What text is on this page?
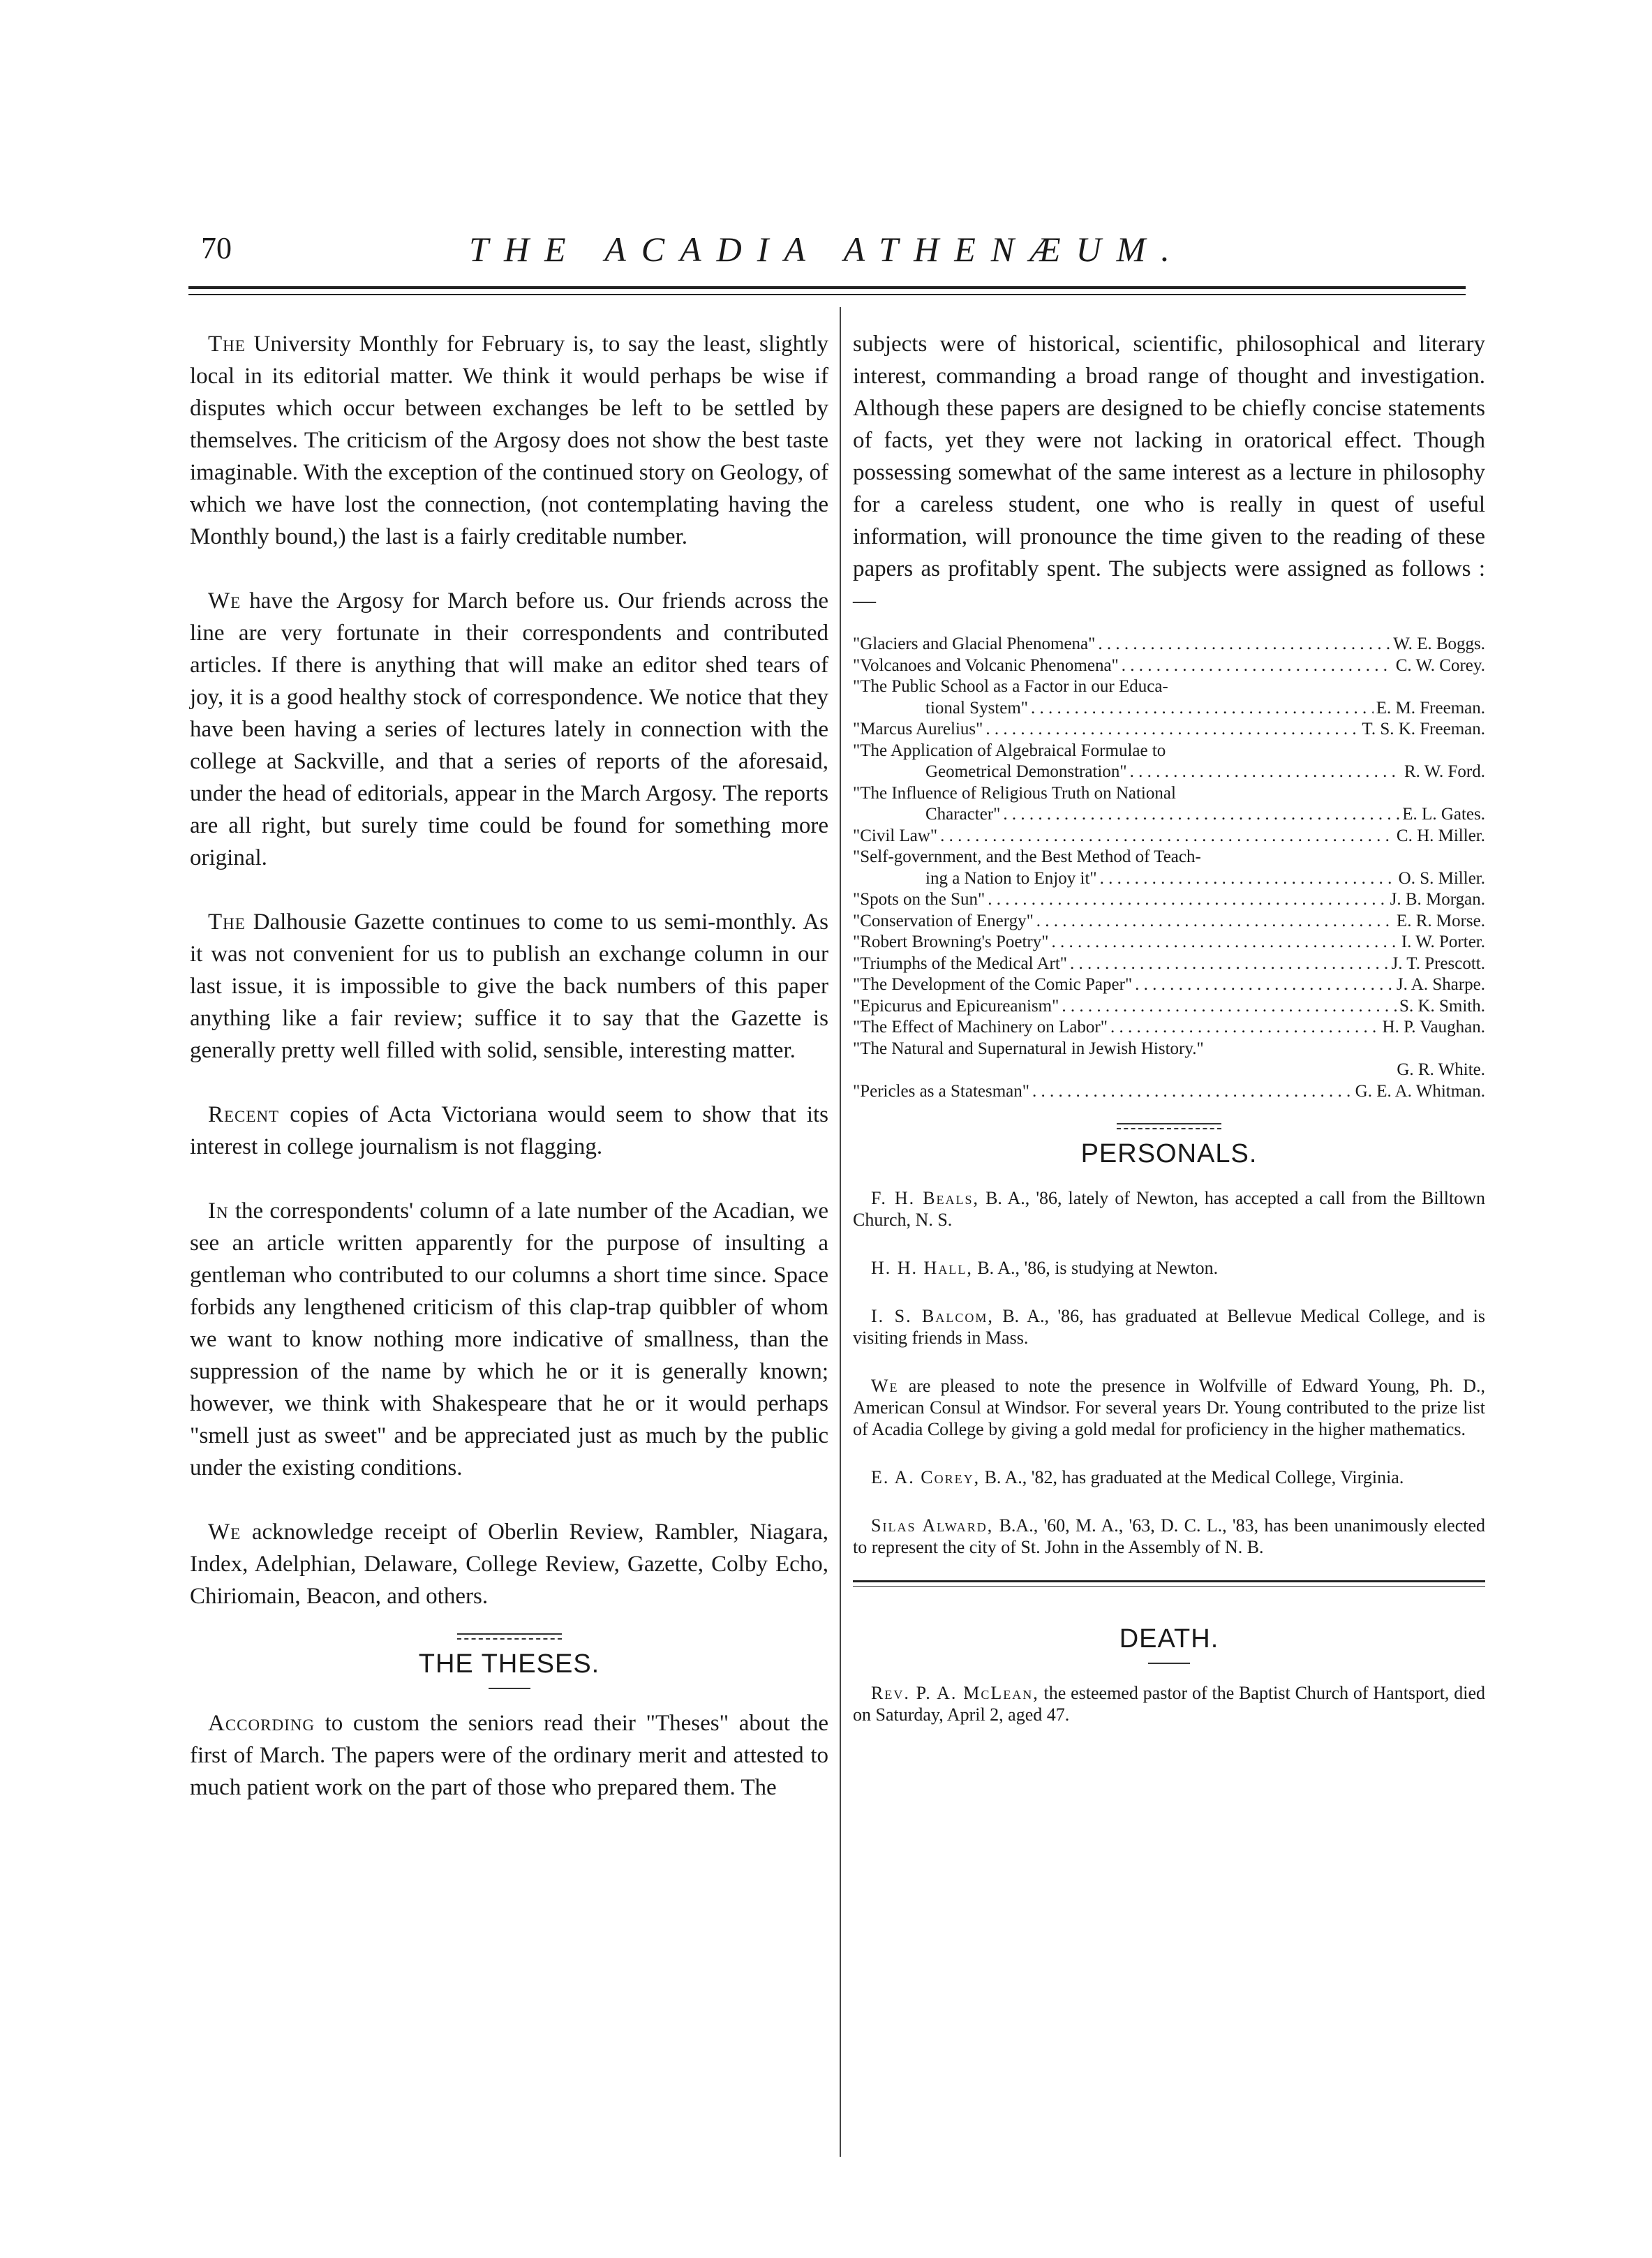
70	THE ACADIA ATHENÆUM.

The University Monthly for February is, to say the least, slightly local in its editorial matter. We think it would perhaps be wise if disputes which occur between exchanges be left to be settled by themselves. The criticism of the Argosy does not show the best taste imaginable. With the exception of the continued story on Geology, of which we have lost the connection, (not contemplating having the Monthly bound,) the last is a fairly creditable number.

We have the Argosy for March before us. Our friends across the line are very fortunate in their correspondents and contributed articles. If there is anything that will make an editor shed tears of joy, it is a good healthy stock of correspondence. We notice that they have been having a series of lectures lately in connection with the college at Sackville, and that a series of reports of the aforesaid, under the head of editorials, appear in the March Argosy. The reports are all right, but surely time could be found for something more original.

The Dalhousie Gazette continues to come to us semi-monthly. As it was not convenient for us to publish an exchange column in our last issue, it is impossible to give the back numbers of this paper anything like a fair review; suffice it to say that the Gazette is generally pretty well filled with solid, sensible, interesting matter.

Recent copies of Acta Victoriana would seem to show that its interest in college journalism is not flagging.

In the correspondents' column of a late number of the Acadian, we see an article written apparently for the purpose of insulting a gentleman who contributed to our columns a short time since. Space forbids any lengthened criticism of this clap-trap quibbler of whom we want to know nothing more indicative of smallness, than the suppression of the name by which he or it is generally known; however, we think with Shakespeare that he or it would perhaps "smell just as sweet" and be appreciated just as much by the public under the existing conditions.

We acknowledge receipt of Oberlin Review, Rambler, Niagara, Index, Adelphian, Delaware, College Review, Gazette, Colby Echo, Chiriomain, Beacon, and others.

THE THESES.

According to custom the seniors read their "Theses" about the first of March. The papers were of the ordinary merit and attested to much patient work on the part of those who prepared them. The

subjects were of historical, scientific, philosophical and literary interest, commanding a broad range of thought and investigation. Although these papers are designed to be chiefly concise statements of facts, yet they were not lacking in oratorical effect. Though possessing somewhat of the same interest as a lecture in philosophy for a careless student, one who is really in quest of useful information, will pronounce the time given to the reading of these papers as profitably spent. The subjects were assigned as follows :—

"Glaciers and Glacial Phenomena" . . .	W. E. Boggs.
"Volcanoes and Volcanic Phenomena" . . .	C. W. Corey.
"The Public School as a Factor in our Educa-
tional System" . . .	E. M. Freeman.
"Marcus Aurelius" . . .	T. S. K. Freeman.
"The Application of Algebraical Formulae to
Geometrical Demonstration" . . .	R. W. Ford.
"The Influence of Religious Truth on National
Character" . . .	E. L. Gates.
"Civil Law" . . .	C. H. Miller.
"Self-government, and the Best Method of Teach-
ing a Nation to Enjoy it" . . .	O. S. Miller.
"Spots on the Sun" . . .	J. B. Morgan.
"Conservation of Energy" . . .	E. R. Morse.
"Robert Browning's Poetry" . . .	I. W. Porter.
"Triumphs of the Medical Art" . . .	J. T. Prescott.
"The Development of the Comic Paper" . . .	J. A. Sharpe.
"Epicurus and Epicureanism" . . .	S. K. Smith.
"The Effect of Machinery on Labor" . . .	H. P. Vaughan.
"The Natural and Supernatural in Jewish History."
G. R. White.
"Pericles as a Statesman" . . .	G. E. A. Whitman.
PERSONALS.

F. H. Beals, B. A., '86, lately of Newton, has accepted a call from the Billtown Church, N. S.

H. H. Hall, B. A., '86, is studying at Newton.

I. S. Balcom, B. A., '86, has graduated at Bellevue Medical College, and is visiting friends in Mass.

We are pleased to note the presence in Wolfville of Edward Young, Ph. D., American Consul at Windsor. For several years Dr. Young contributed to the prize list of Acadia College by giving a gold medal for proficiency in the higher mathematics.

E. A. Corey, B. A., '82, has graduated at the Medical College, Virginia.

Silas Alward, B.A., '60, M. A., '63, D. C. L., '83, has been unanimously elected to represent the city of St. John in the Assembly of N. B.

DEATH.

Rev. P. A. McLean, the esteemed pastor of the Baptist Church of Hantsport, died on Saturday, April 2, aged 47.
